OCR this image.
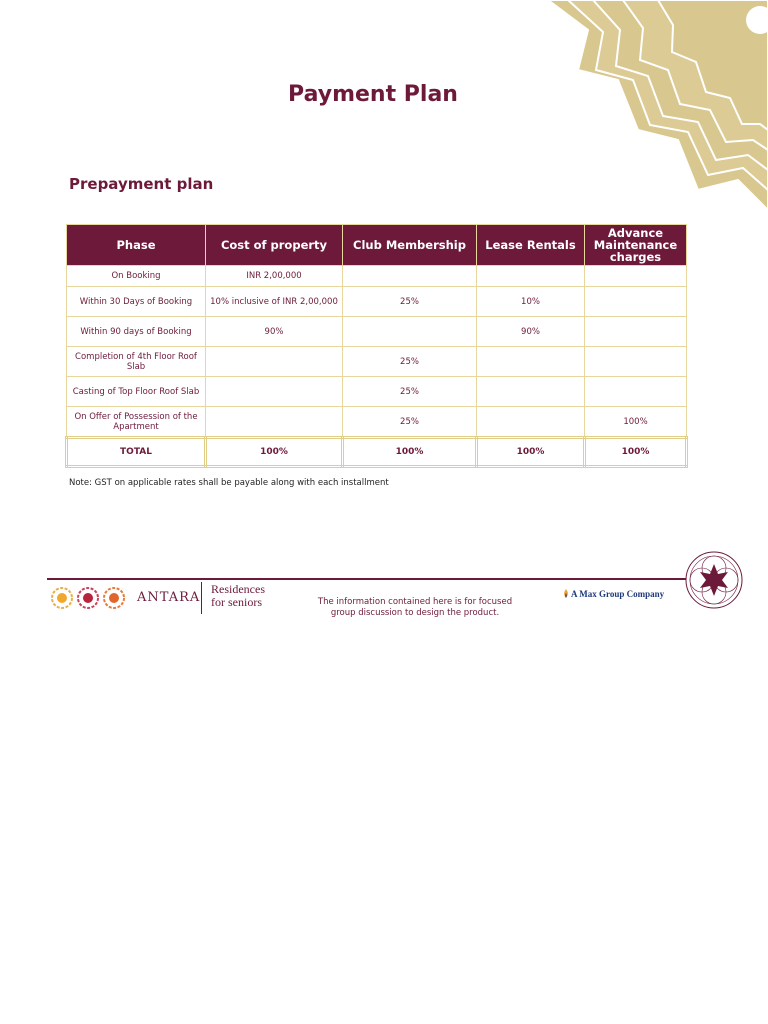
Payment Plan
Prepayment plan
Phase	Cost of property	Club Membership	Lease Rentals	Advance Maintenance charges
On Booking	INR 2,00,000			
Within 30 Days of Booking	10% inclusive of INR 2,00,000	25%	10%	
Within 90 days of Booking	90%		90%	
Completion of 4th Floor Roof Slab		25%		
Casting of Top Floor Roof Slab		25%		
On Offer of Possession of the Apartment		25%		100%
TOTAL	100%	100%	100%	100%
Note: GST on applicable rates shall be payable along with each installment
ANTARA
Residences
for seniors	The information contained here is for focused
group discussion to design the product.
A Max Group Company
